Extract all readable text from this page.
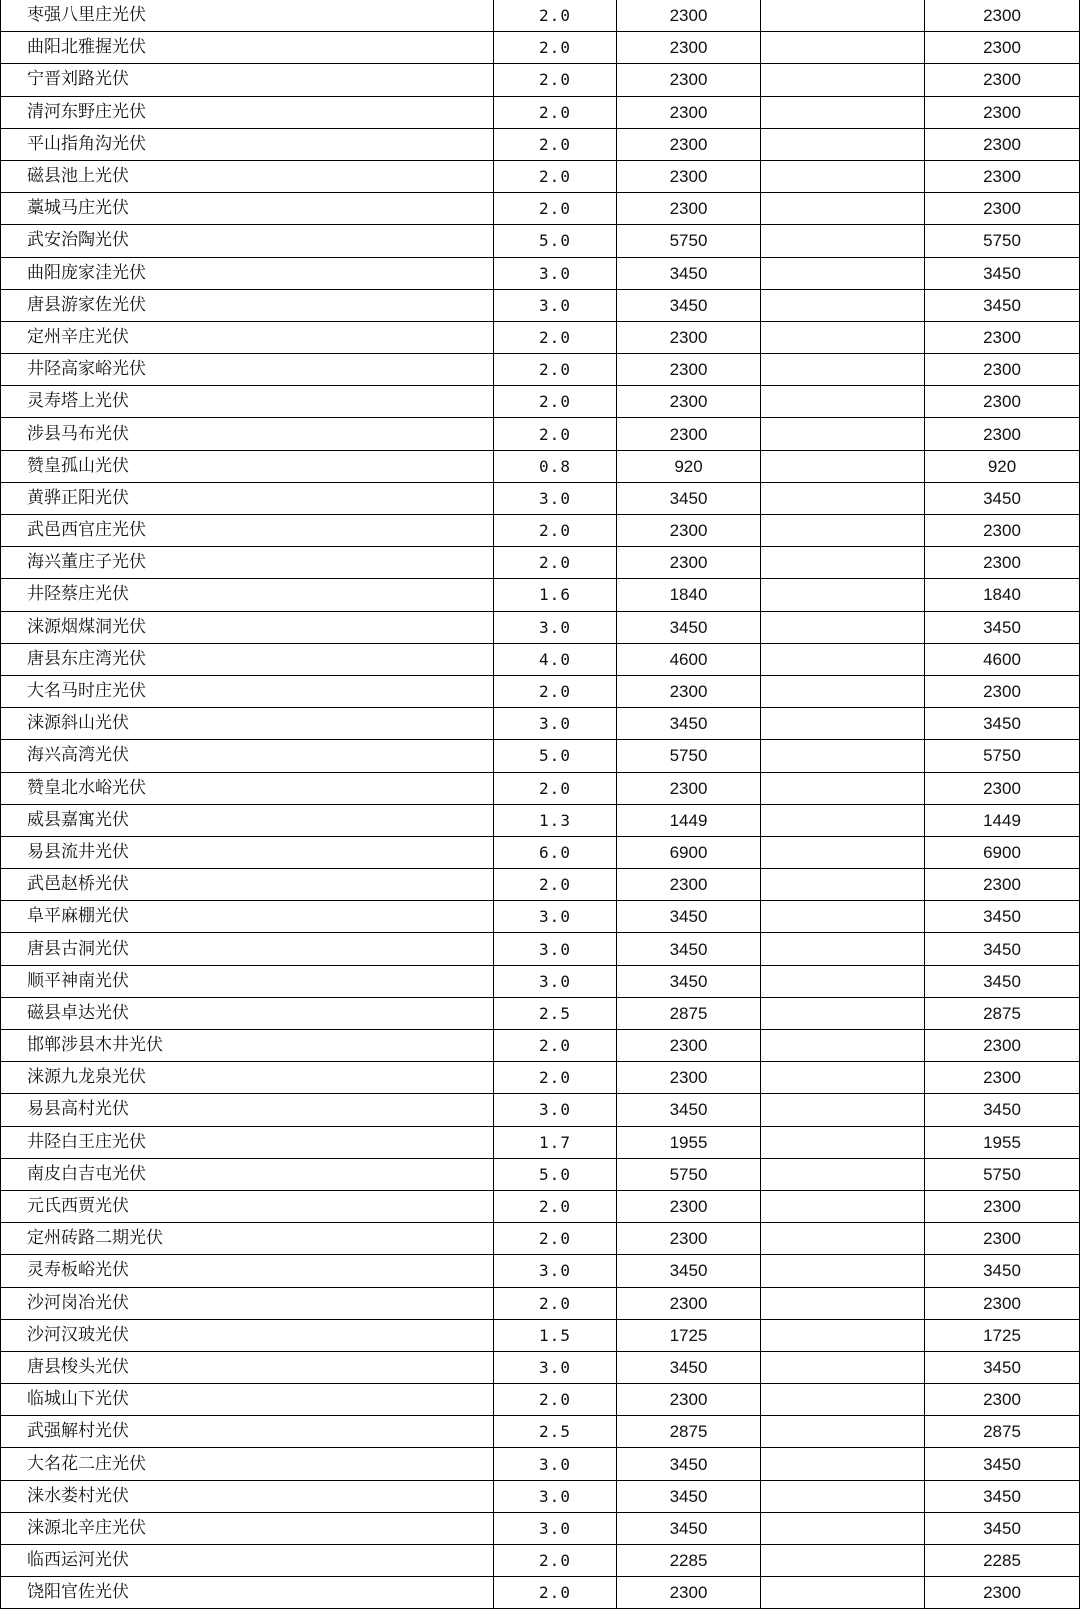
枣强八里庄光伏	2.0	2300		2300
曲阳北雅握光伏	2.0	2300		2300
宁晋刘路光伏	2.0	2300		2300
清河东野庄光伏	2.0	2300		2300
平山指角沟光伏	2.0	2300		2300
磁县池上光伏	2.0	2300		2300
藁城马庄光伏	2.0	2300		2300
武安治陶光伏	5.0	5750		5750
曲阳庞家洼光伏	3.0	3450		3450
唐县游家佐光伏	3.0	3450		3450
定州辛庄光伏	2.0	2300		2300
井陉高家峪光伏	2.0	2300		2300
灵寿塔上光伏	2.0	2300		2300
涉县马布光伏	2.0	2300		2300
赞皇孤山光伏	0.8	920		920
黄骅正阳光伏	3.0	3450		3450
武邑西官庄光伏	2.0	2300		2300
海兴董庄子光伏	2.0	2300		2300
井陉蔡庄光伏	1.6	1840		1840
涞源烟煤洞光伏	3.0	3450		3450
唐县东庄湾光伏	4.0	4600		4600
大名马时庄光伏	2.0	2300		2300
涞源斜山光伏	3.0	3450		3450
海兴高湾光伏	5.0	5750		5750
赞皇北水峪光伏	2.0	2300		2300
威县嘉寓光伏	1.3	1449		1449
易县流井光伏	6.0	6900		6900
武邑赵桥光伏	2.0	2300		2300
阜平麻棚光伏	3.0	3450		3450
唐县古洞光伏	3.0	3450		3450
顺平神南光伏	3.0	3450		3450
磁县卓达光伏	2.5	2875		2875
邯郸涉县木井光伏	2.0	2300		2300
涞源九龙泉光伏	2.0	2300		2300
易县高村光伏	3.0	3450		3450
井陉白王庄光伏	1.7	1955		1955
南皮白吉屯光伏	5.0	5750		5750
元氏西贾光伏	2.0	2300		2300
定州砖路二期光伏	2.0	2300		2300
灵寿板峪光伏	3.0	3450		3450
沙河岗冶光伏	2.0	2300		2300
沙河汉玻光伏	1.5	1725		1725
唐县梭头光伏	3.0	3450		3450
临城山下光伏	2.0	2300		2300
武强解村光伏	2.5	2875		2875
大名花二庄光伏	3.0	3450		3450
涞水娄村光伏	3.0	3450		3450
涞源北辛庄光伏	3.0	3450		3450
临西运河光伏	2.0	2285		2285
饶阳官佐光伏	2.0	2300		2300
